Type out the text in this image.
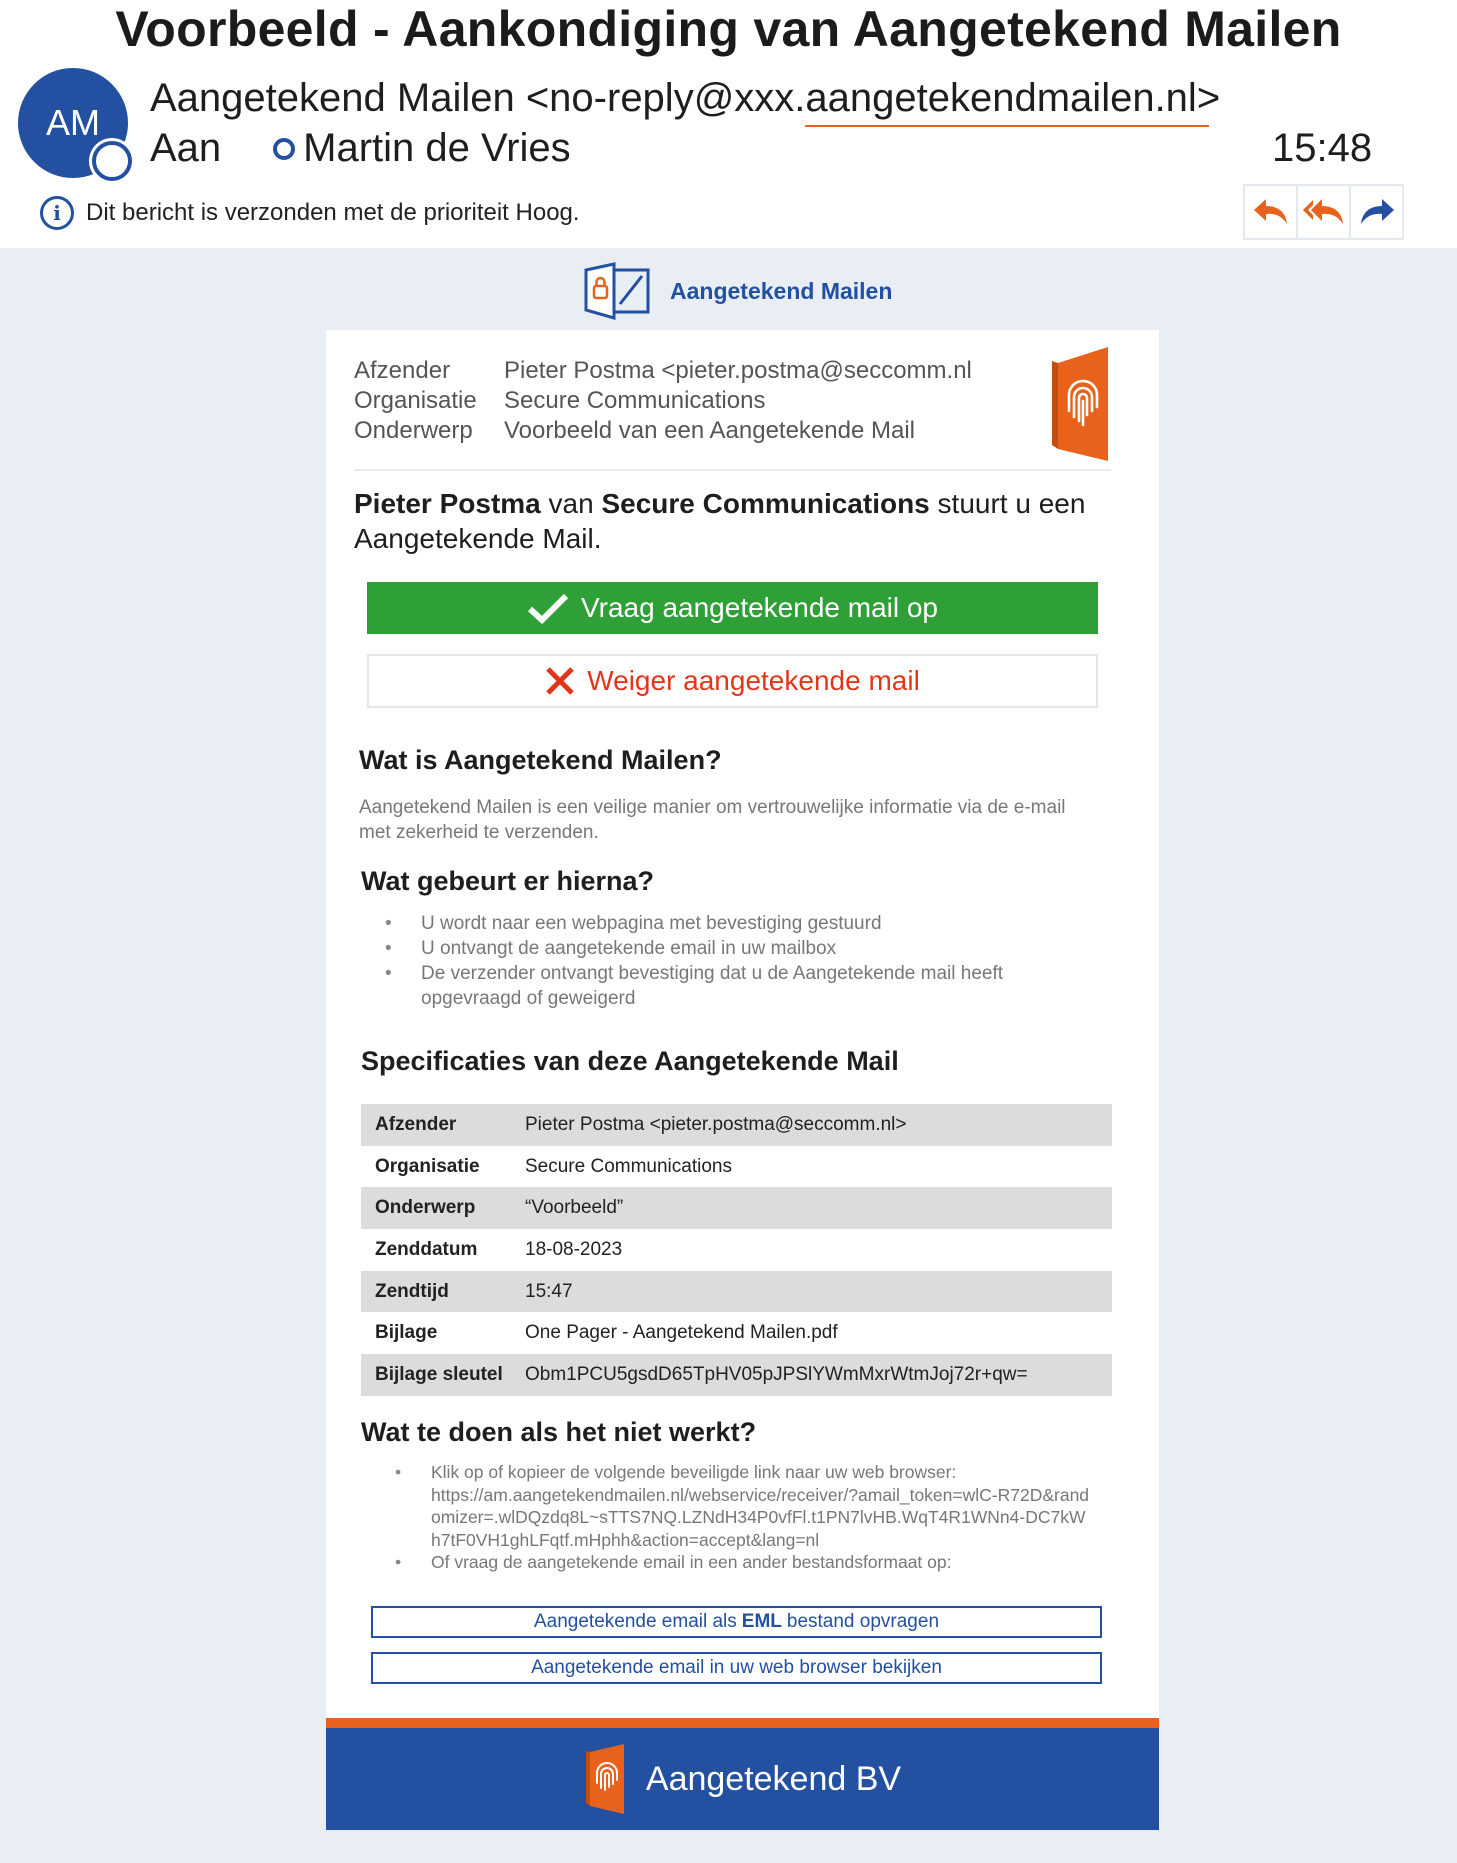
Voorbeeld - Aankondiging van Aangetekend Mailen
AM
Aangetekend Mailen <no-reply@xxx.aangetekendmailen.nl>
Aan Martin de Vries	15:48
i	Dit bericht is verzonden met de prioriteit Hoog.
Aangetekend Mailen
Afzender	Pieter Postma <pieter.postma@seccomm.nl
Organisatie	Secure Communications
Onderwerp	Voorbeeld van een Aangetekende Mail
Pieter Postma van Secure Communications stuurt u een Aangetekende Mail.
Vraag aangetekende mail op
Weiger aangetekende mail
Wat is Aangetekend Mailen?
Aangetekend Mailen is een veilige manier om vertrouwelijke informatie via de e-mail met zekerheid te verzenden.
Wat gebeurt er hierna?
• U wordt naar een webpagina met bevestiging gestuurd
• U ontvangt de aangetekende email in uw mailbox
• De verzender ontvangt bevestiging dat u de Aangetekende mail heeft opgevraagd of geweigerd
Specificaties van deze Aangetekende Mail
Afzender	Pieter Postma <pieter.postma@seccomm.nl>
Organisatie	Secure Communications
Onderwerp	“Voorbeeld”
Zenddatum	18-08-2023
Zendtijd	15:47
Bijlage	One Pager - Aangetekend Mailen.pdf
Bijlage sleutel	Obm1PCU5gsdD65TpHV05pJPSlYWmMxrWtmJoj72r+qw=
Wat te doen als het niet werkt?
• Klik op of kopieer de volgende beveiligde link naar uw web browser:
https://am.aangetekendmailen.nl/webservice/receiver/?amail_token=wlC-R72D&randomizer=.wlDQzdq8L~sTTS7NQ.LZNdH34P0vfFl.t1PN7lvHB.WqT4R1WNn4-DC7kWh7tF0VH1ghLFqtf.mHphh&action=accept&lang=nl
• Of vraag de aangetekende email in een ander bestandsformaat op:
Aangetekende email als EML bestand opvragen
Aangetekende email in uw web browser bekijken
Aangetekend BV
